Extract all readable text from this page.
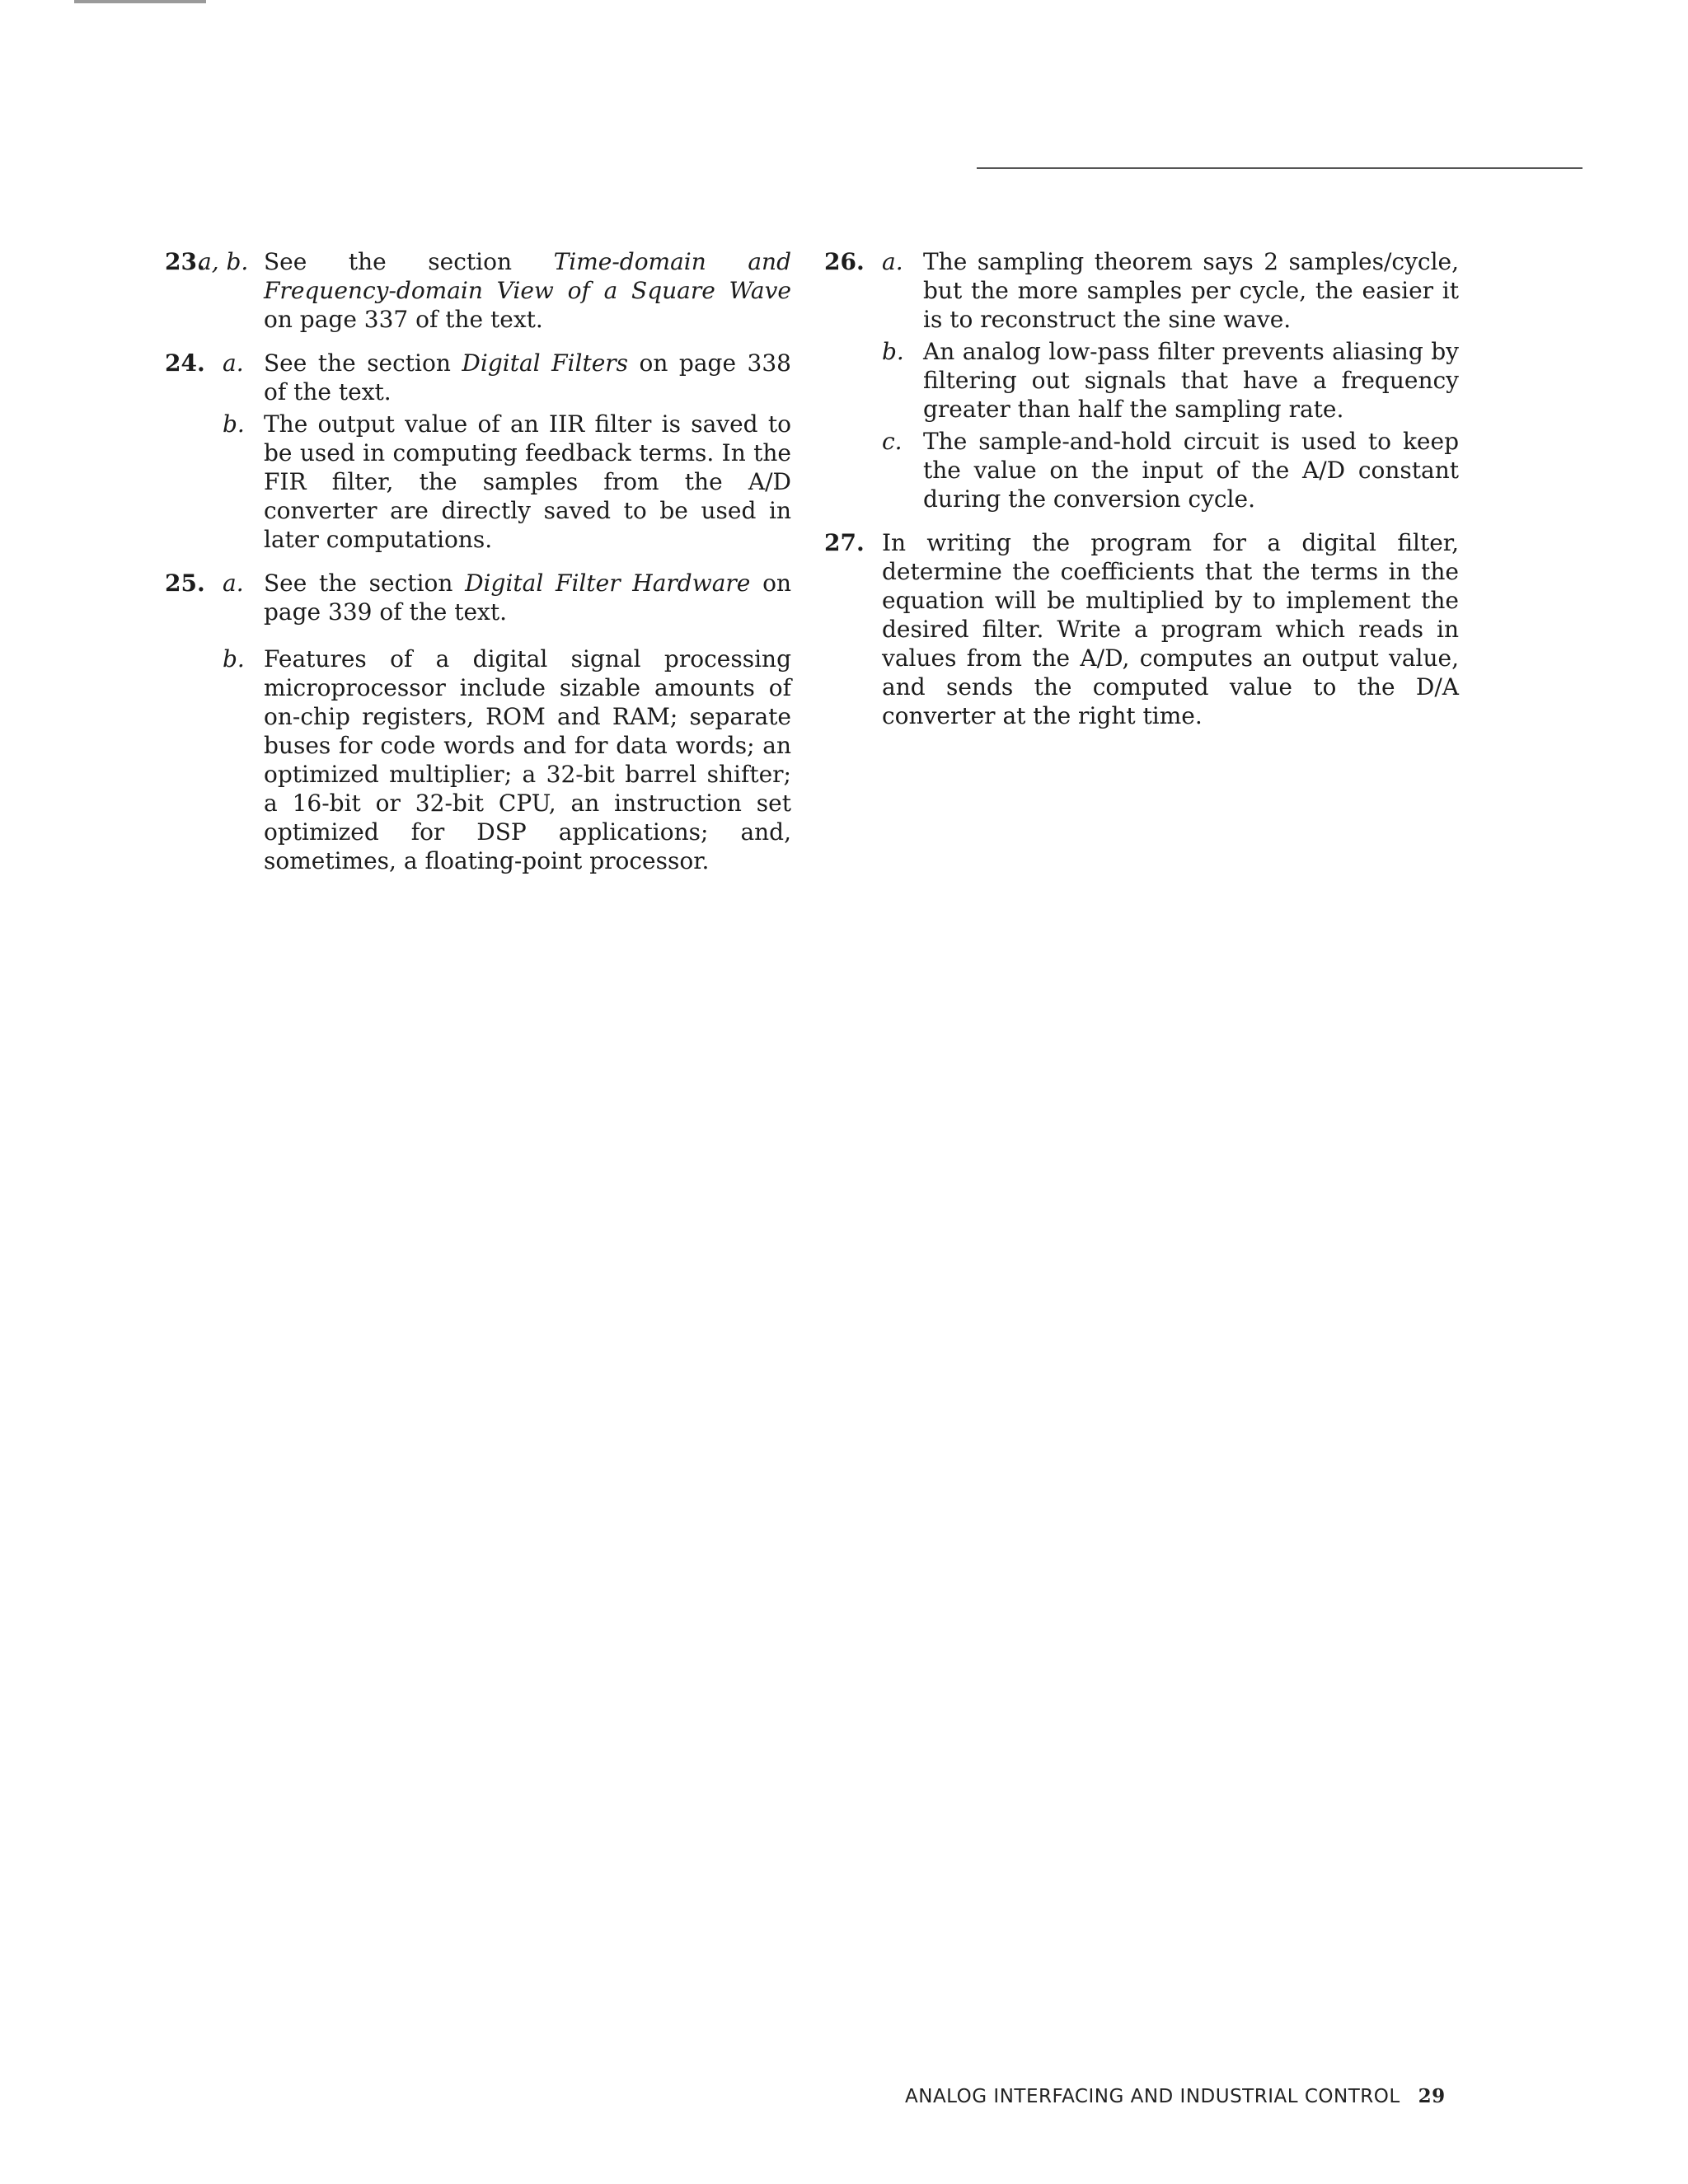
23.
a, b. See the section Time-domain and Frequency-domain View of a Square Wave on page 337 of the text.
24. a. See the section Digital Filters on page 338 of the text.
b. The output value of an IIR filter is saved to be used in computing feedback terms. In the FIR filter, the samples from the A/D converter are directly saved to be used in later computations.
25. a. See the section Digital Filter Hardware on page 339 of the text.
b. Features of a digital signal processing microprocessor include sizable amounts of on-chip registers, ROM and RAM; separate buses for code words and for data words; an optimized multiplier; a 32-bit barrel shifter; a 16-bit or 32-bit CPU, an instruction set optimized for DSP applications; and, sometimes, a floating-point processor.
26. a. The sampling theorem says 2 samples/cycle, but the more samples per cycle, the easier it is to reconstruct the sine wave.
b. An analog low-pass filter prevents aliasing by filtering out signals that have a frequency greater than half the sampling rate.
c. The sample-and-hold circuit is used to keep the value on the input of the A/D constant during the conversion cycle.
27. In writing the program for a digital filter, determine the coefficients that the terms in the equation will be multiplied by to implement the desired filter. Write a program which reads in values from the A/D, computes an output value, and sends the computed value to the D/A converter at the right time.
ANALOG INTERFACING AND INDUSTRIAL CONTROL 29
